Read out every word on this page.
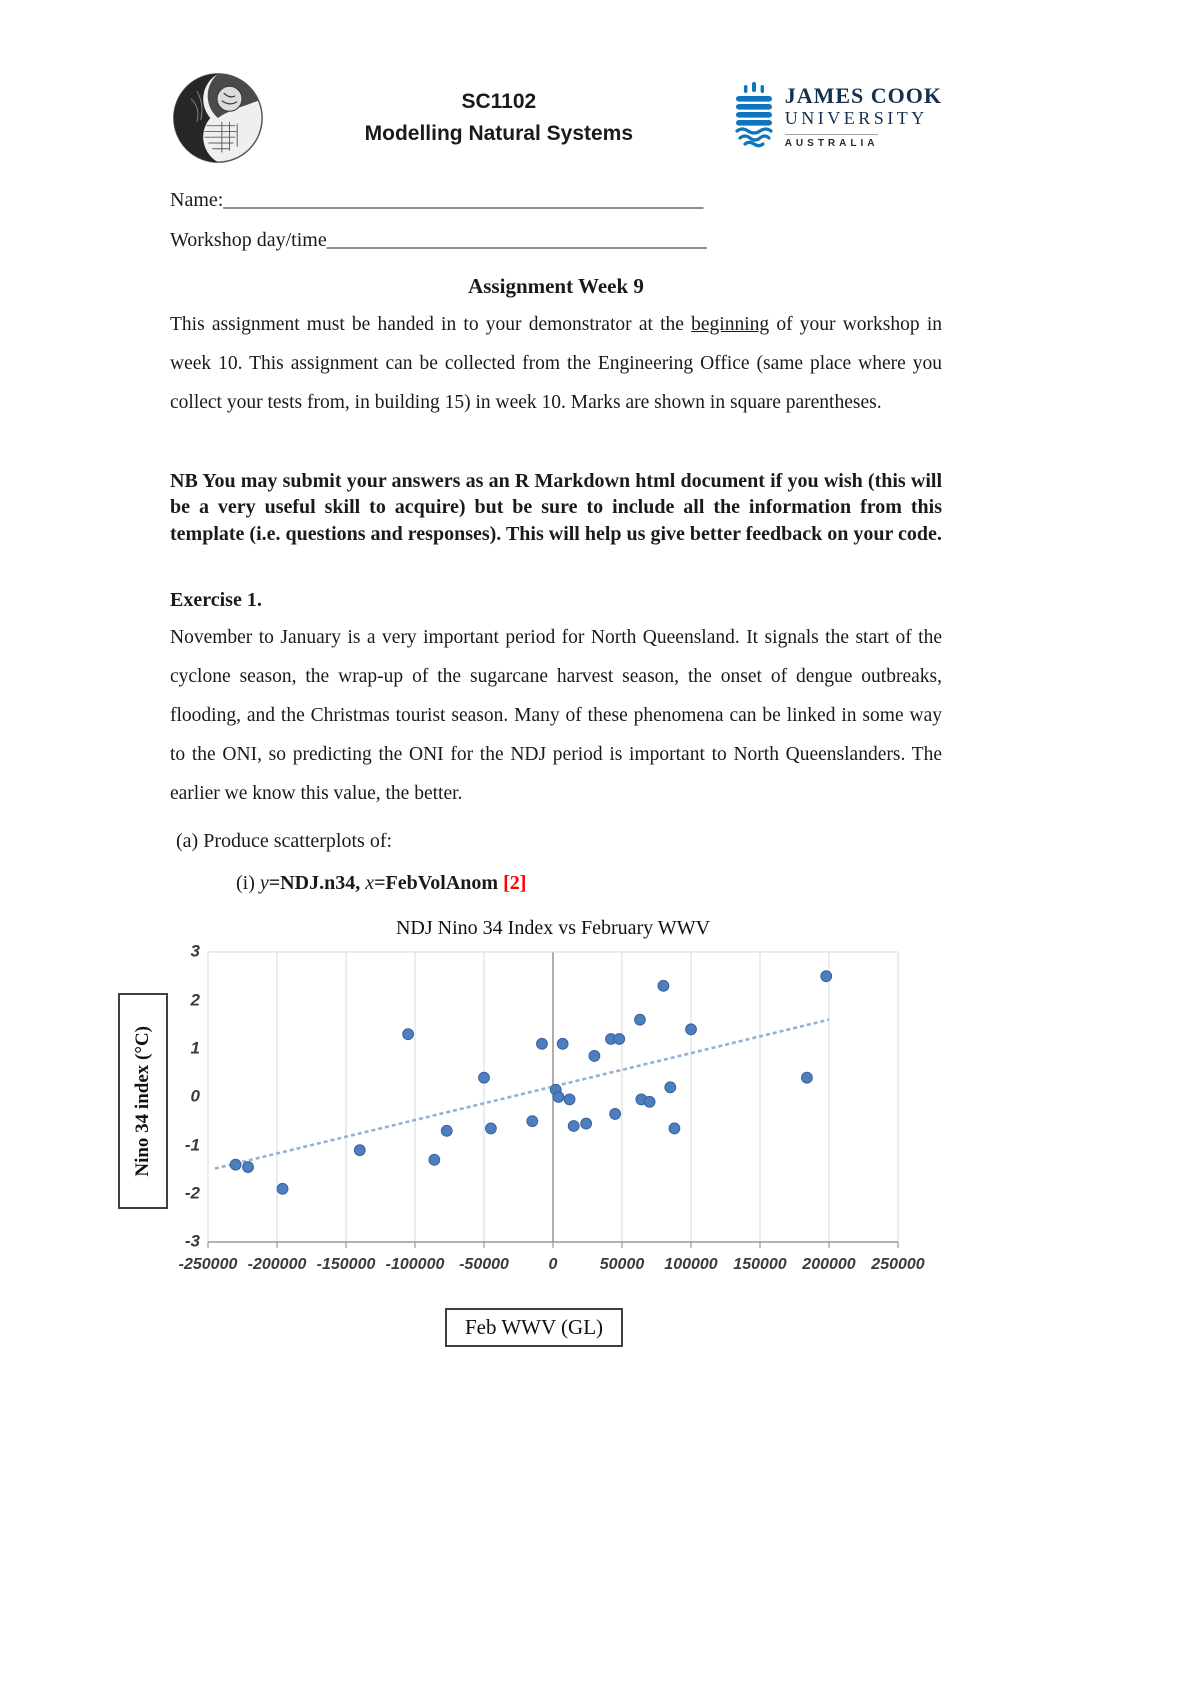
SC1102
Modelling Natural Systems
JAMES COOK
UNIVERSITY
AUSTRALIA

Name:________________________________________________

Workshop day/time______________________________________

Assignment Week 9

This assignment must be handed in to your demonstrator at the beginning of your workshop in week 10. This assignment can be collected from the Engineering Office (same place where you collect your tests from, in building 15) in week 10. Marks are shown in square parentheses.

NB You may submit your answers as an R Markdown html document if you wish (this will be a very useful skill to acquire) but be sure to include all the information from this template (i.e. questions and responses). This will help us give better feedback on your code.

Exercise 1.

November to January is a very important period for North Queensland. It signals the start of the cyclone season, the wrap-up of the sugarcane harvest season, the onset of dengue outbreaks, flooding, and the Christmas tourist season. Many of these phenomena can be linked in some way to the ONI, so predicting the ONI for the NDJ period is important to North Queenslanders. The earlier we know this value, the better.

(a) Produce scatterplots of:

(i) y=NDJ.n34, x=FebVolAnom [2]

NDJ Nino 34 Index vs February WWV
3
2
1
0
-1
-2
-3
Nino 34 index (°C)
-250000 -200000 -150000 -100000 -50000 0	50000 100000 150000 200000 250000
Feb WWV (GL)
